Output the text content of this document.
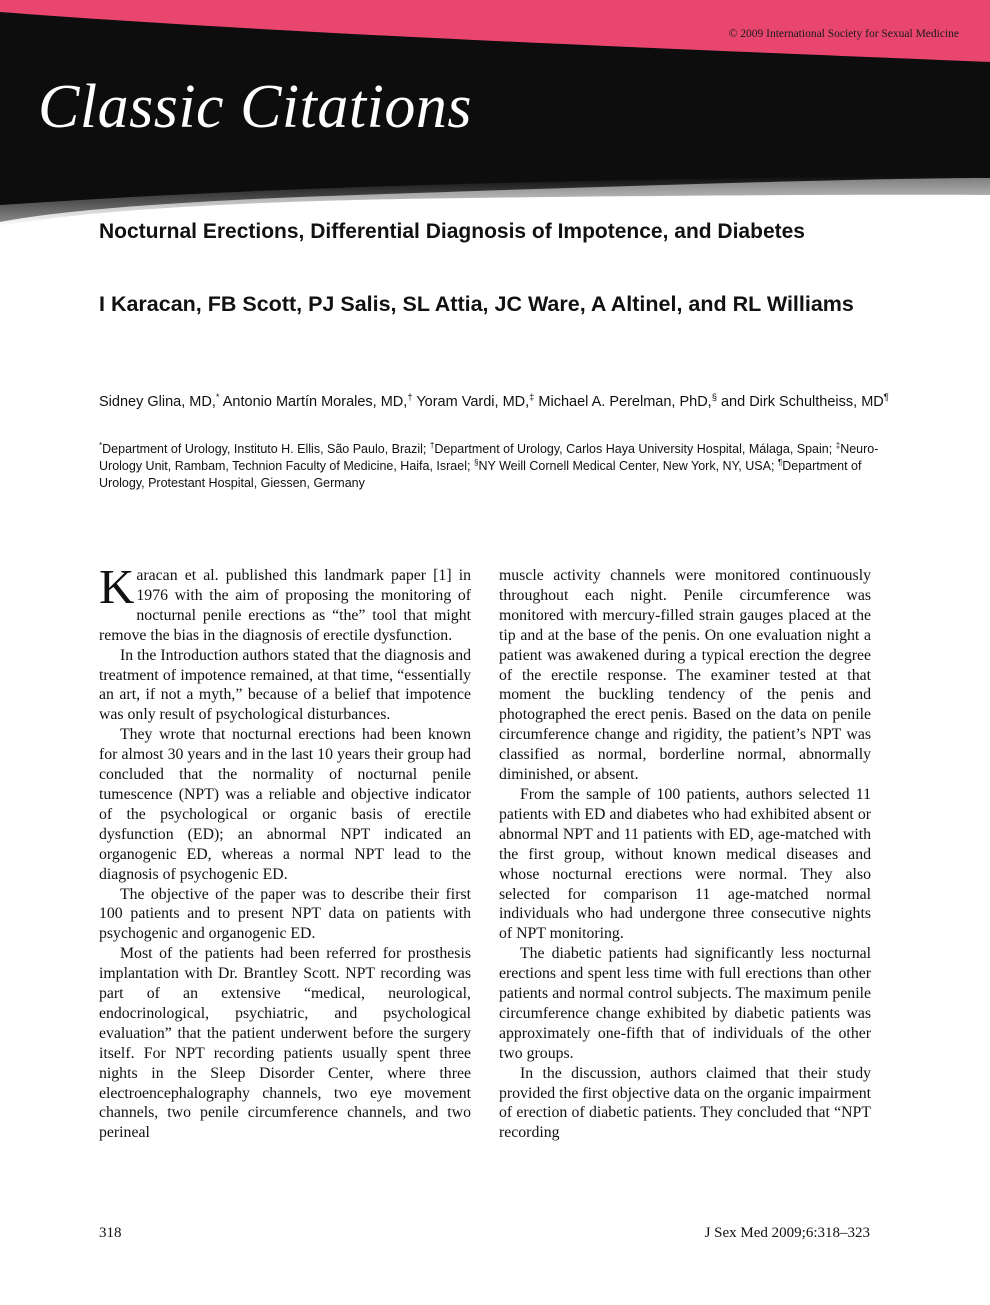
© 2009 International Society for Sexual Medicine
Classic Citations
Nocturnal Erections, Differential Diagnosis of Impotence, and Diabetes
I Karacan, FB Scott, PJ Salis, SL Attia, JC Ware, A Altinel, and RL Williams
Sidney Glina, MD,* Antonio Martín Morales, MD,† Yoram Vardi, MD,‡ Michael A. Perelman, PhD,§ and Dirk Schultheiss, MD¶
*Department of Urology, Instituto H. Ellis, São Paulo, Brazil; †Department of Urology, Carlos Haya University Hospital, Málaga, Spain; ‡Neuro-Urology Unit, Rambam, Technion Faculty of Medicine, Haifa, Israel; §NY Weill Cornell Medical Center, New York, NY, USA; ¶Department of Urology, Protestant Hospital, Giessen, Germany

Karacan et al. published this landmark paper [1] in 1976 with the aim of proposing the monitoring of nocturnal penile erections as “the” tool that might remove the bias in the diagnosis of erectile dysfunction.

In the Introduction authors stated that the diagnosis and treatment of impotence remained, at that time, “essentially an art, if not a myth,” because of a belief that impotence was only result of psychological disturbances.

They wrote that nocturnal erections had been known for almost 30 years and in the last 10 years their group had concluded that the normality of nocturnal penile tumescence (NPT) was a reliable and objective indicator of the psychological or organic basis of erectile dysfunction (ED); an abnormal NPT indicated an organogenic ED, whereas a normal NPT lead to the diagnosis of psychogenic ED.

The objective of the paper was to describe their first 100 patients and to present NPT data on patients with psychogenic and organogenic ED.

Most of the patients had been referred for prosthesis implantation with Dr. Brantley Scott. NPT recording was part of an extensive “medical, neurological, endocrinological, psychiatric, and psychological evaluation” that the patient underwent before the surgery itself. For NPT recording patients usually spent three nights in the Sleep Disorder Center, where three electroencephalography channels, two eye movement channels, two penile circumference channels, and two perineal

muscle activity channels were monitored continuously throughout each night. Penile circumference was monitored with mercury-filled strain gauges placed at the tip and at the base of the penis. On one evaluation night a patient was awakened during a typical erection the degree of the erectile response. The examiner tested at that moment the buckling tendency of the penis and photographed the erect penis. Based on the data on penile circumference change and rigidity, the patient’s NPT was classified as normal, borderline normal, abnormally diminished, or absent.

From the sample of 100 patients, authors selected 11 patients with ED and diabetes who had exhibited absent or abnormal NPT and 11 patients with ED, age-matched with the first group, without known medical diseases and whose nocturnal erections were normal. They also selected for comparison 11 age-matched normal individuals who had undergone three consecutive nights of NPT monitoring.

The diabetic patients had significantly less nocturnal erections and spent less time with full erections than other patients and normal control subjects. The maximum penile circumference change exhibited by diabetic patients was approximately one-fifth that of individuals of the other two groups.

In the discussion, authors claimed that their study provided the first objective data on the organic impairment of erection of diabetic patients. They concluded that “NPT recording

318	J Sex Med 2009;6:318–323
